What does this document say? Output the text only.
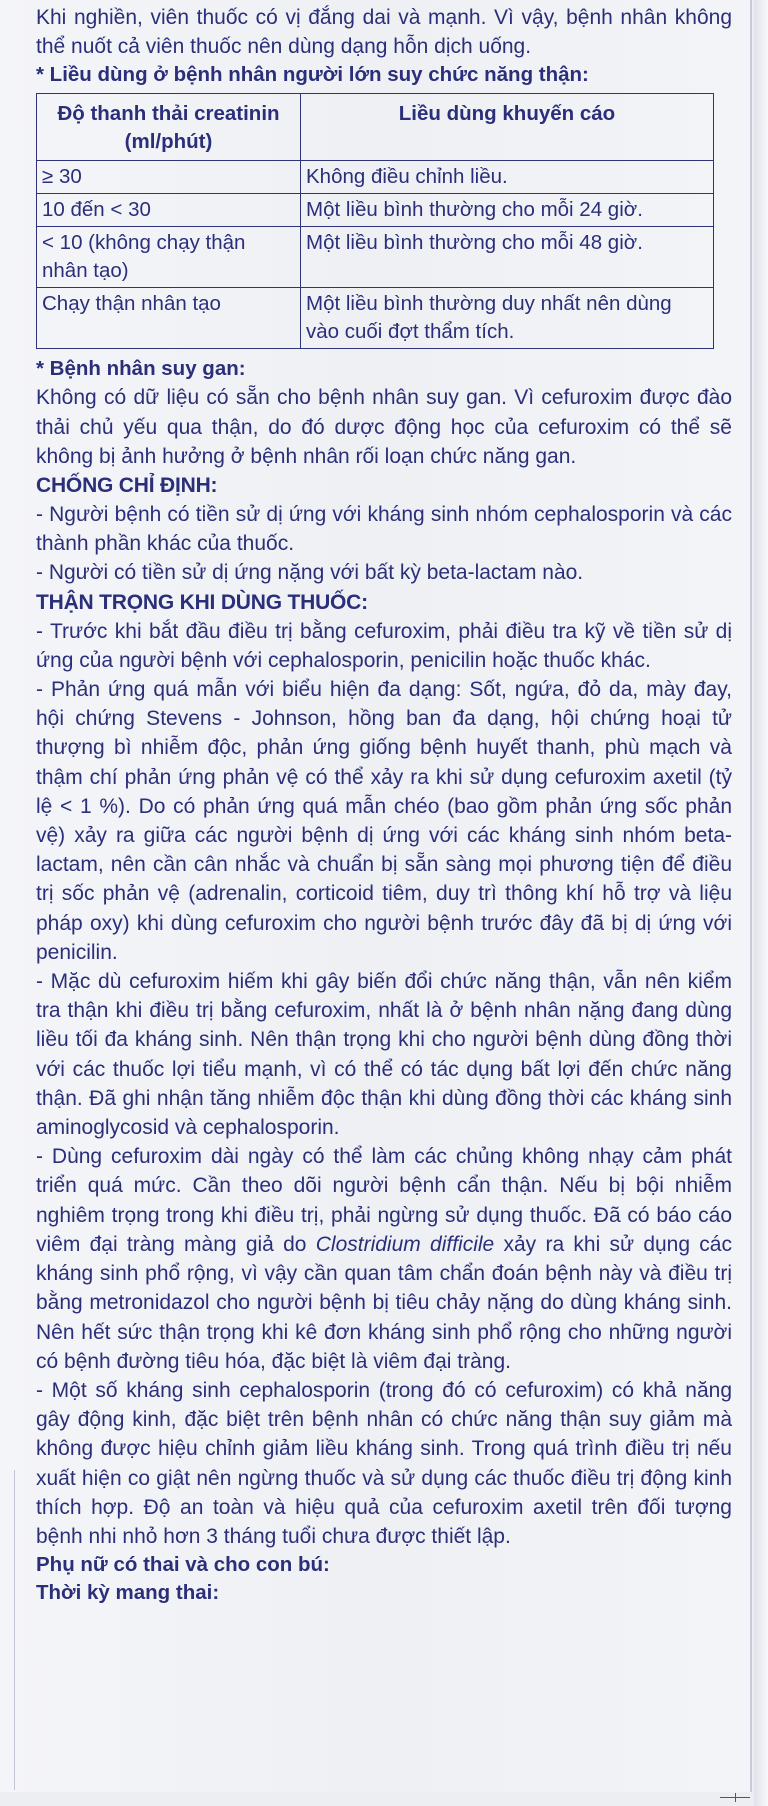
Khi nghiền, viên thuốc có vị đắng dai và mạnh. Vì vậy, bệnh nhân không thể nuốt cả viên thuốc nên dùng dạng hỗn dịch uống.

* Liều dùng ở bệnh nhân người lớn suy chức năng thận:

Độ thanh thải creatinin (ml/phút)	Liều dùng khuyến cáo
≥ 30	Không điều chỉnh liều.
10 đến < 30	Một liều bình thường cho mỗi 24 giờ.
< 10 (không chạy thận nhân tạo)	Một liều bình thường cho mỗi 48 giờ.
Chạy thận nhân tạo	Một liều bình thường duy nhất nên dùng vào cuối đợt thẩm tích.

* Bệnh nhân suy gan:

Không có dữ liệu có sẵn cho bệnh nhân suy gan. Vì cefuroxim được đào thải chủ yếu qua thận, do đó dược động học của cefuroxim có thể sẽ không bị ảnh hưởng ở bệnh nhân rối loạn chức năng gan.

CHỐNG CHỈ ĐỊNH:

- Người bệnh có tiền sử dị ứng với kháng sinh nhóm cephalosporin và các thành phần khác của thuốc.

- Người có tiền sử dị ứng nặng với bất kỳ beta-lactam nào.

THẬN TRỌNG KHI DÙNG THUỐC:

- Trước khi bắt đầu điều trị bằng cefuroxim, phải điều tra kỹ về tiền sử dị ứng của người bệnh với cephalosporin, penicilin hoặc thuốc khác.

- Phản ứng quá mẫn với biểu hiện đa dạng: Sốt, ngứa, đỏ da, mày đay, hội chứng Stevens - Johnson, hồng ban đa dạng, hội chứng hoại tử thượng bì nhiễm độc, phản ứng giống bệnh huyết thanh, phù mạch và thậm chí phản ứng phản vệ có thể xảy ra khi sử dụng cefuroxim axetil (tỷ lệ < 1 %). Do có phản ứng quá mẫn chéo (bao gồm phản ứng sốc phản vệ) xảy ra giữa các người bệnh dị ứng với các kháng sinh nhóm beta-lactam, nên cần cân nhắc và chuẩn bị sẵn sàng mọi phương tiện để điều trị sốc phản vệ (adrenalin, corticoid tiêm, duy trì thông khí hỗ trợ và liệu pháp oxy) khi dùng cefuroxim cho người bệnh trước đây đã bị dị ứng với penicilin.

- Mặc dù cefuroxim hiếm khi gây biến đổi chức năng thận, vẫn nên kiểm tra thận khi điều trị bằng cefuroxim, nhất là ở bệnh nhân nặng đang dùng liều tối đa kháng sinh. Nên thận trọng khi cho người bệnh dùng đồng thời với các thuốc lợi tiểu mạnh, vì có thể có tác dụng bất lợi đến chức năng thận. Đã ghi nhận tăng nhiễm độc thận khi dùng đồng thời các kháng sinh aminoglycosid và cephalosporin.

- Dùng cefuroxim dài ngày có thể làm các chủng không nhạy cảm phát triển quá mức. Cần theo dõi người bệnh cẩn thận. Nếu bị bội nhiễm nghiêm trọng trong khi điều trị, phải ngừng sử dụng thuốc. Đã có báo cáo viêm đại tràng màng giả do Clostridium difficile xảy ra khi sử dụng các kháng sinh phổ rộng, vì vậy cần quan tâm chẩn đoán bệnh này và điều trị bằng metronidazol cho người bệnh bị tiêu chảy nặng do dùng kháng sinh. Nên hết sức thận trọng khi kê đơn kháng sinh phổ rộng cho những người có bệnh đường tiêu hóa, đặc biệt là viêm đại tràng.

- Một số kháng sinh cephalosporin (trong đó có cefuroxim) có khả năng gây động kinh, đặc biệt trên bệnh nhân có chức năng thận suy giảm mà không được hiệu chỉnh giảm liều kháng sinh. Trong quá trình điều trị nếu xuất hiện co giật nên ngừng thuốc và sử dụng các thuốc điều trị động kinh thích hợp. Độ an toàn và hiệu quả của cefuroxim axetil trên đối tượng bệnh nhi nhỏ hơn 3 tháng tuổi chưa được thiết lập.

Phụ nữ có thai và cho con bú:

Thời kỳ mang thai:
